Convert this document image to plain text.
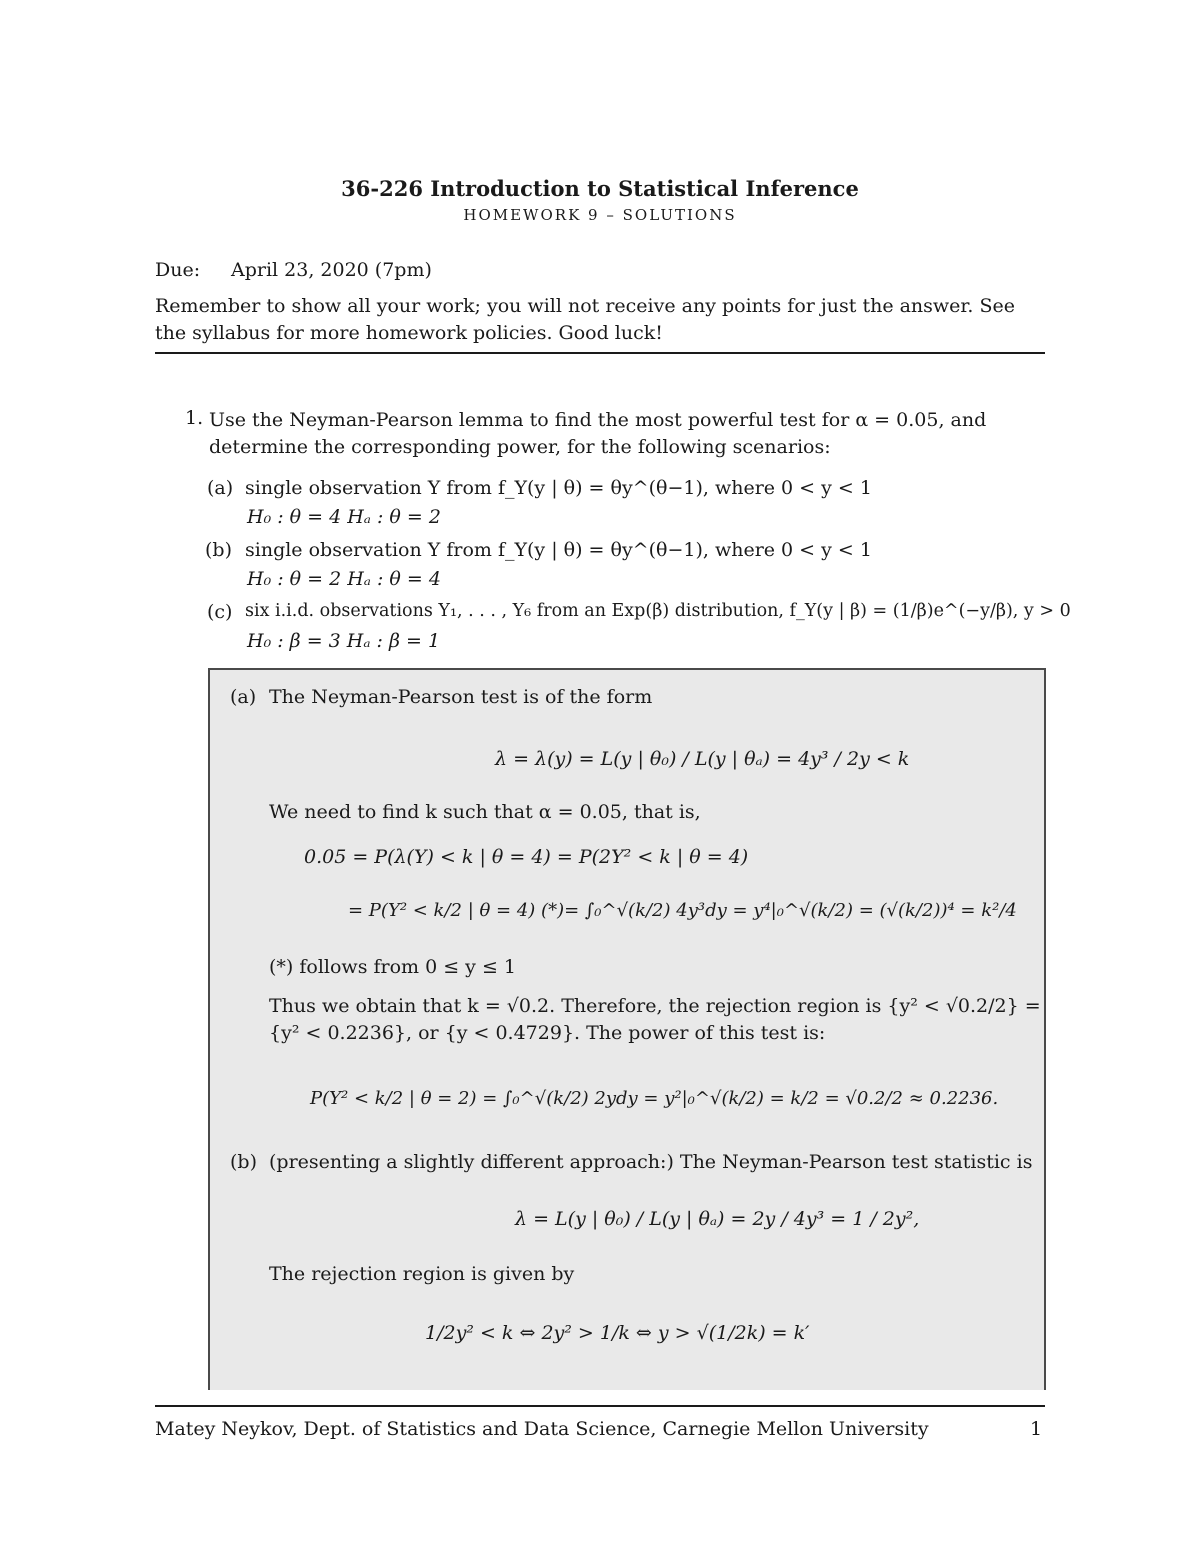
36-226 Introduction to Statistical Inference
HOMEWORK 9 – SOLUTIONS
Due: April 23, 2020 (7pm)
Remember to show all your work; you will not receive any points for just the answer. See the syllabus for more homework policies. Good luck!
1. Use the Neyman-Pearson lemma to find the most powerful test for α = 0.05, and determine the corresponding power, for the following scenarios:
(a) single observation Y from f_Y(y | θ) = θy^(θ−1), where 0 < y < 1
H₀ : θ = 4 Hₐ : θ = 2
(b) single observation Y from f_Y(y | θ) = θy^(θ−1), where 0 < y < 1
H₀ : θ = 2 Hₐ : θ = 4
(c) six i.i.d. observations Y₁, . . . , Y₆ from an Exp(β) distribution, f_Y(y | β) = (1/β)e^(−y/β), y > 0
H₀ : β = 3 Hₐ : β = 1
(a) The Neyman-Pearson test is of the form
λ = λ(y) = L(y | θ₀) / L(y | θₐ) = 4y³ / 2y < k
We need to find k such that α = 0.05, that is,
0.05 = P(λ(Y) < k | θ = 4) = P(2Y² < k | θ = 4)
= P(Y² < k/2 | θ = 4) (*)= ∫₀^√(k/2) 4y³dy = y⁴|₀^√(k/2) = (√(k/2))⁴ = k²/4
(*) follows from 0 ≤ y ≤ 1
Thus we obtain that k = √0.2. Therefore, the rejection region is {y² < √0.2/2} =
{y² < 0.2236}, or {y < 0.4729}. The power of this test is:
P(Y² < k/2 | θ = 2) = ∫₀^√(k/2) 2ydy = y²|₀^√(k/2) = k/2 = √0.2/2 ≈ 0.2236.
(b) (presenting a slightly different approach:) The Neyman-Pearson test statistic is
λ = L(y | θ₀) / L(y | θₐ) = 2y / 4y³ = 1 / 2y²,
The rejection region is given by
1/2y² < k ⇔ 2y² > 1/k ⇔ y > √(1/2k) = k′
Matey Neykov, Dept. of Statistics and Data Science, Carnegie Mellon University	1
